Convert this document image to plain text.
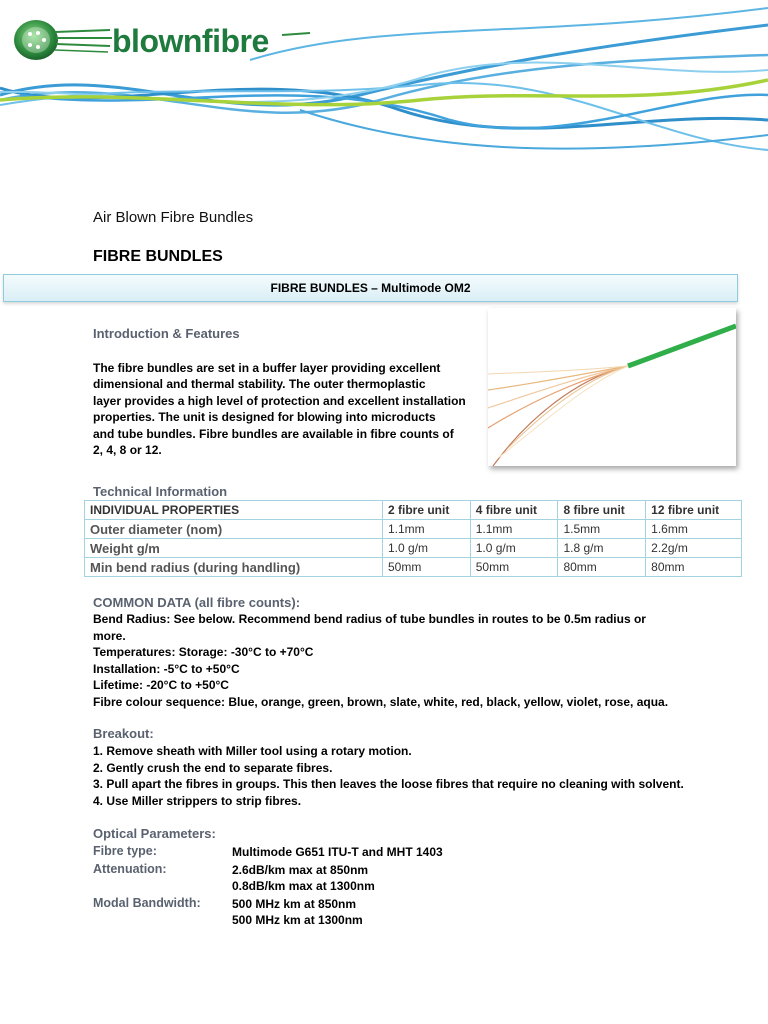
blownfibre
Air Blown Fibre Bundles
FIBRE BUNDLES
FIBRE BUNDLES – Multimode OM2
Introduction & Features
The fibre bundles are set in a buffer layer providing excellent
dimensional and thermal stability. The outer thermoplastic
layer provides a high level of protection and excellent installation
properties. The unit is designed for blowing into microducts
and tube bundles. Fibre bundles are available in fibre counts of
2, 4, 8 or 12.
Technical Information
INDIVIDUAL PROPERTIES	2 fibre unit	4 fibre unit	8 fibre unit	12 fibre unit
Outer diameter (nom)	1.1mm	1.1mm	1.5mm	1.6mm
Weight g/m	1.0 g/m	1.0 g/m	1.8 g/m	2.2g/m
Min bend radius (during handling)	50mm	50mm	80mm	80mm
COMMON DATA (all fibre counts):
Bend Radius: See below. Recommend bend radius of tube bundles in routes to be 0.5m radius or
more.
Temperatures: Storage: -30°C to +70°C
Installation: -5°C to +50°C
Lifetime: -20°C to +50°C
Fibre colour sequence: Blue, orange, green, brown, slate, white, red, black, yellow, violet, rose, aqua.
Breakout:
1. Remove sheath with Miller tool using a rotary motion.
2. Gently crush the end to separate fibres.
3. Pull apart the fibres in groups. This then leaves the loose fibres that require no cleaning with solvent.
4. Use Miller strippers to strip fibres.
Optical Parameters:
Fibre type:	Multimode G651 ITU-T and MHT 1403
Attenuation:	2.6dB/km max at 850nm
0.8dB/km max at 1300nm
Modal Bandwidth:	500 MHz km at 850nm
500 MHz km at 1300nm
